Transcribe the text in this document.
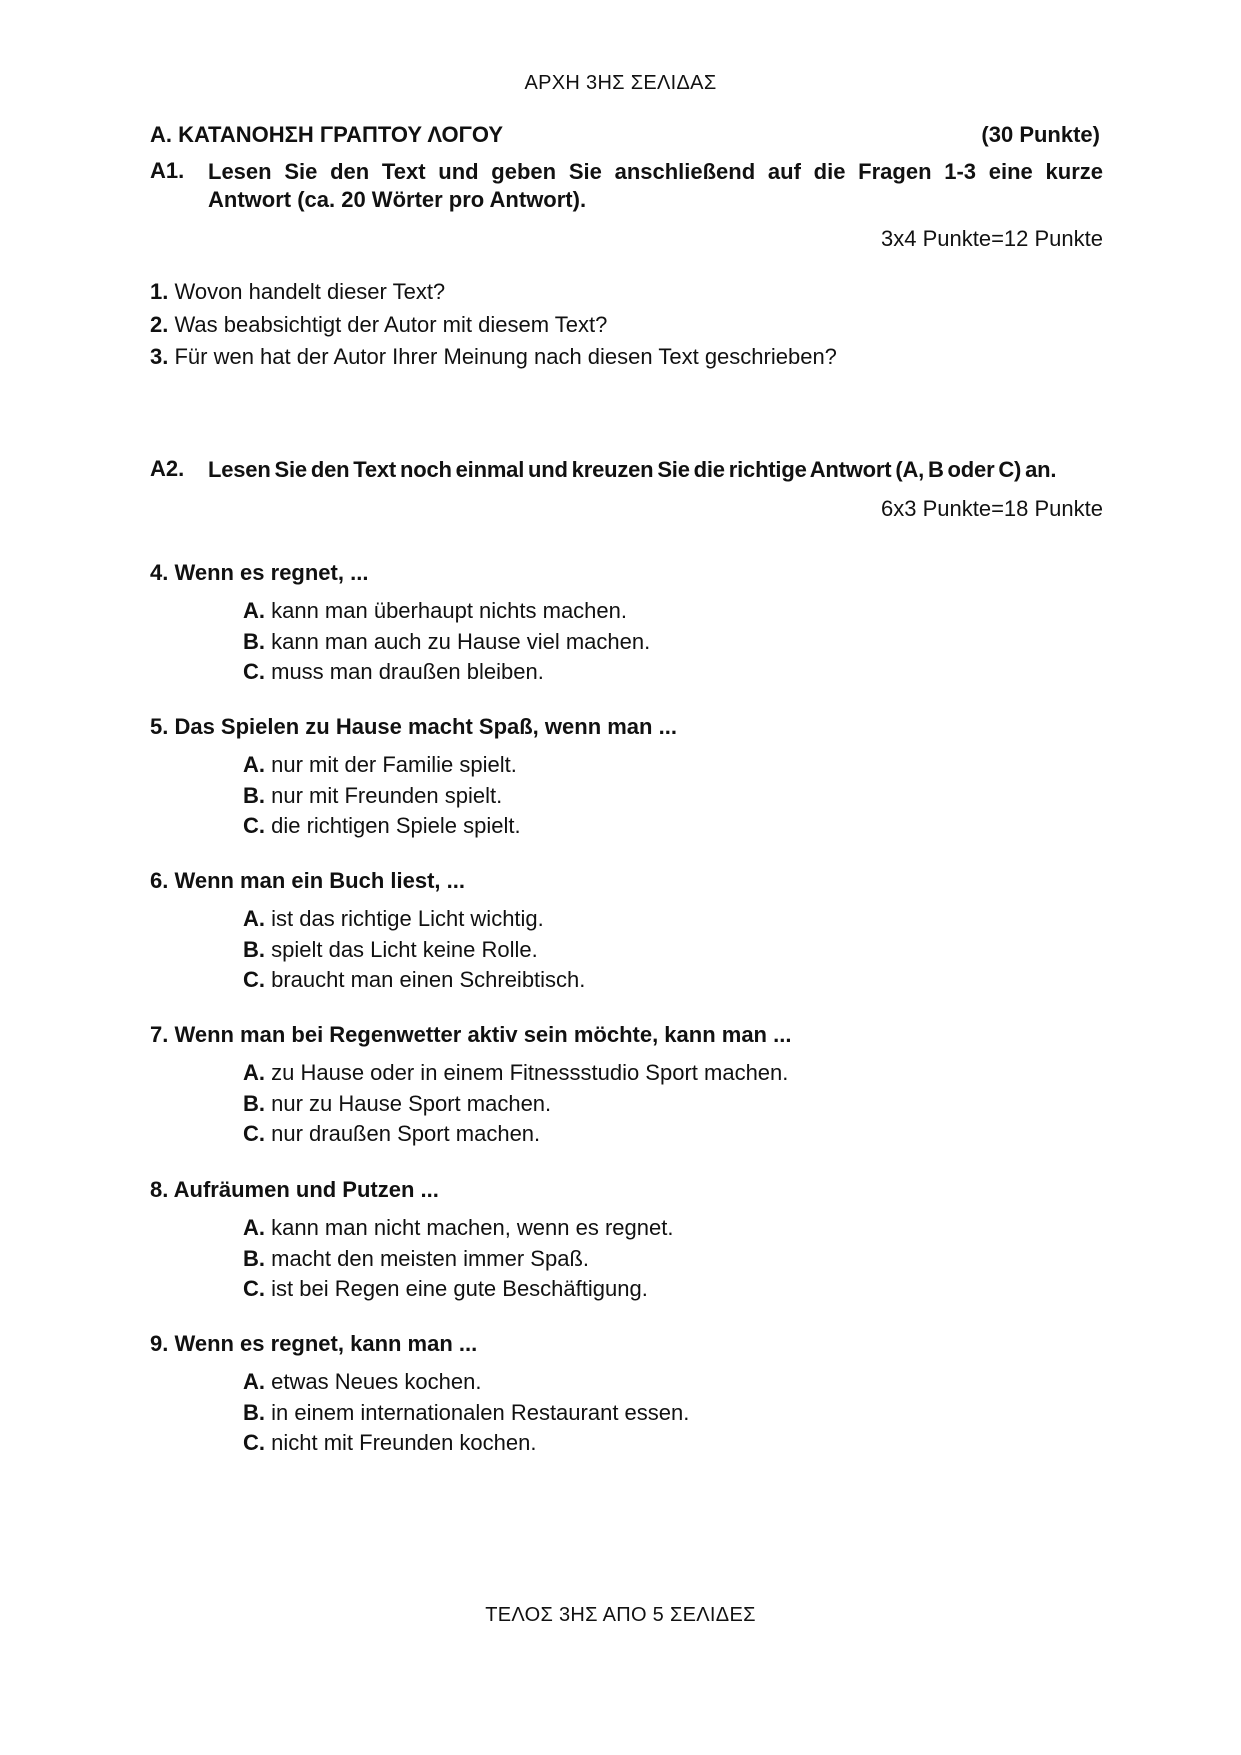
ΑΡΧΗ 3ΗΣ ΣΕΛΙΔΑΣ
Α. ΚΑΤΑΝΟΗΣΗ ΓΡΑΠΤΟΥ ΛΟΓΟΥ	(30 Punkte)
A1. Lesen Sie den Text und geben Sie anschließend auf die Fragen 1-3 eine kurze Antwort (ca. 20 Wörter pro Antwort).
3x4 Punkte=12 Punkte
1. Wovon handelt dieser Text?
2. Was beabsichtigt der Autor mit diesem Text?
3. Für wen hat der Autor Ihrer Meinung nach diesen Text geschrieben?
A2. Lesen Sie den Text noch einmal und kreuzen Sie die richtige Antwort (A, B oder C) an.
6x3 Punkte=18 Punkte

4. Wenn es regnet, ...

A. kann man überhaupt nichts machen.
B. kann man auch zu Hause viel machen.
C. muss man draußen bleiben.

5. Das Spielen zu Hause macht Spaß, wenn man ...

A. nur mit der Familie spielt.
B. nur mit Freunden spielt.
C. die richtigen Spiele spielt.

6. Wenn man ein Buch liest, ...

A. ist das richtige Licht wichtig.
B. spielt das Licht keine Rolle.
C. braucht man einen Schreibtisch.

7. Wenn man bei Regenwetter aktiv sein möchte, kann man ...

A. zu Hause oder in einem Fitnessstudio Sport machen.
B. nur zu Hause Sport machen.
C. nur draußen Sport machen.

8. Aufräumen und Putzen ...

A. kann man nicht machen, wenn es regnet.
B. macht den meisten immer Spaß.
C. ist bei Regen eine gute Beschäftigung.

9. Wenn es regnet, kann man ...

A. etwas Neues kochen.
B. in einem internationalen Restaurant essen.
C. nicht mit Freunden kochen.
ΤΕΛΟΣ 3ΗΣ ΑΠΟ 5 ΣΕΛΙΔΕΣ
